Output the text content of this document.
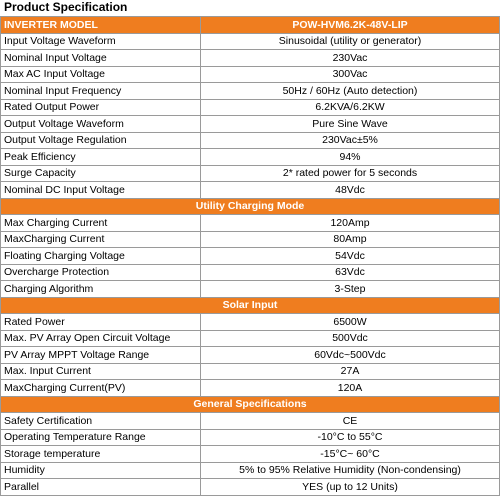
Product Specification
INVERTER MODEL	POW-HVM6.2K-48V-LIP
Input Voltage Waveform	Sinusoidal (utility or generator)
Nominal Input Voltage	230Vac
Max AC Input Voltage	300Vac
Nominal Input Frequency	50Hz / 60Hz (Auto detection)
Rated Output Power	6.2KVA/6.2KW
Output Voltage Waveform	Pure Sine Wave
Output Voltage Regulation	230Vac±5%
Peak Efficiency	94%
Surge Capacity	2* rated power for 5 seconds
Nominal DC Input Voltage	48Vdc
Utility Charging Mode	
Max Charging Current	120Amp
MaxCharging Current	80Amp
Floating Charging Voltage	54Vdc
Overcharge Protection	63Vdc
Charging Algorithm	3-Step
Solar Input	
Rated Power	6500W
Max. PV Array Open Circuit Voltage	500Vdc
PV Array MPPT Voltage Range	60Vdc~500Vdc
Max. Input Current	27A
MaxCharging Current(PV)	120A
General Specifications	
Safety Certification	CE
Operating Temperature Range	-10°C to 55°C
Storage temperature	-15°C~ 60°C
Humidity	5% to 95% Relative Humidity (Non-condensing)
Parallel	YES (up to 12 Units)
